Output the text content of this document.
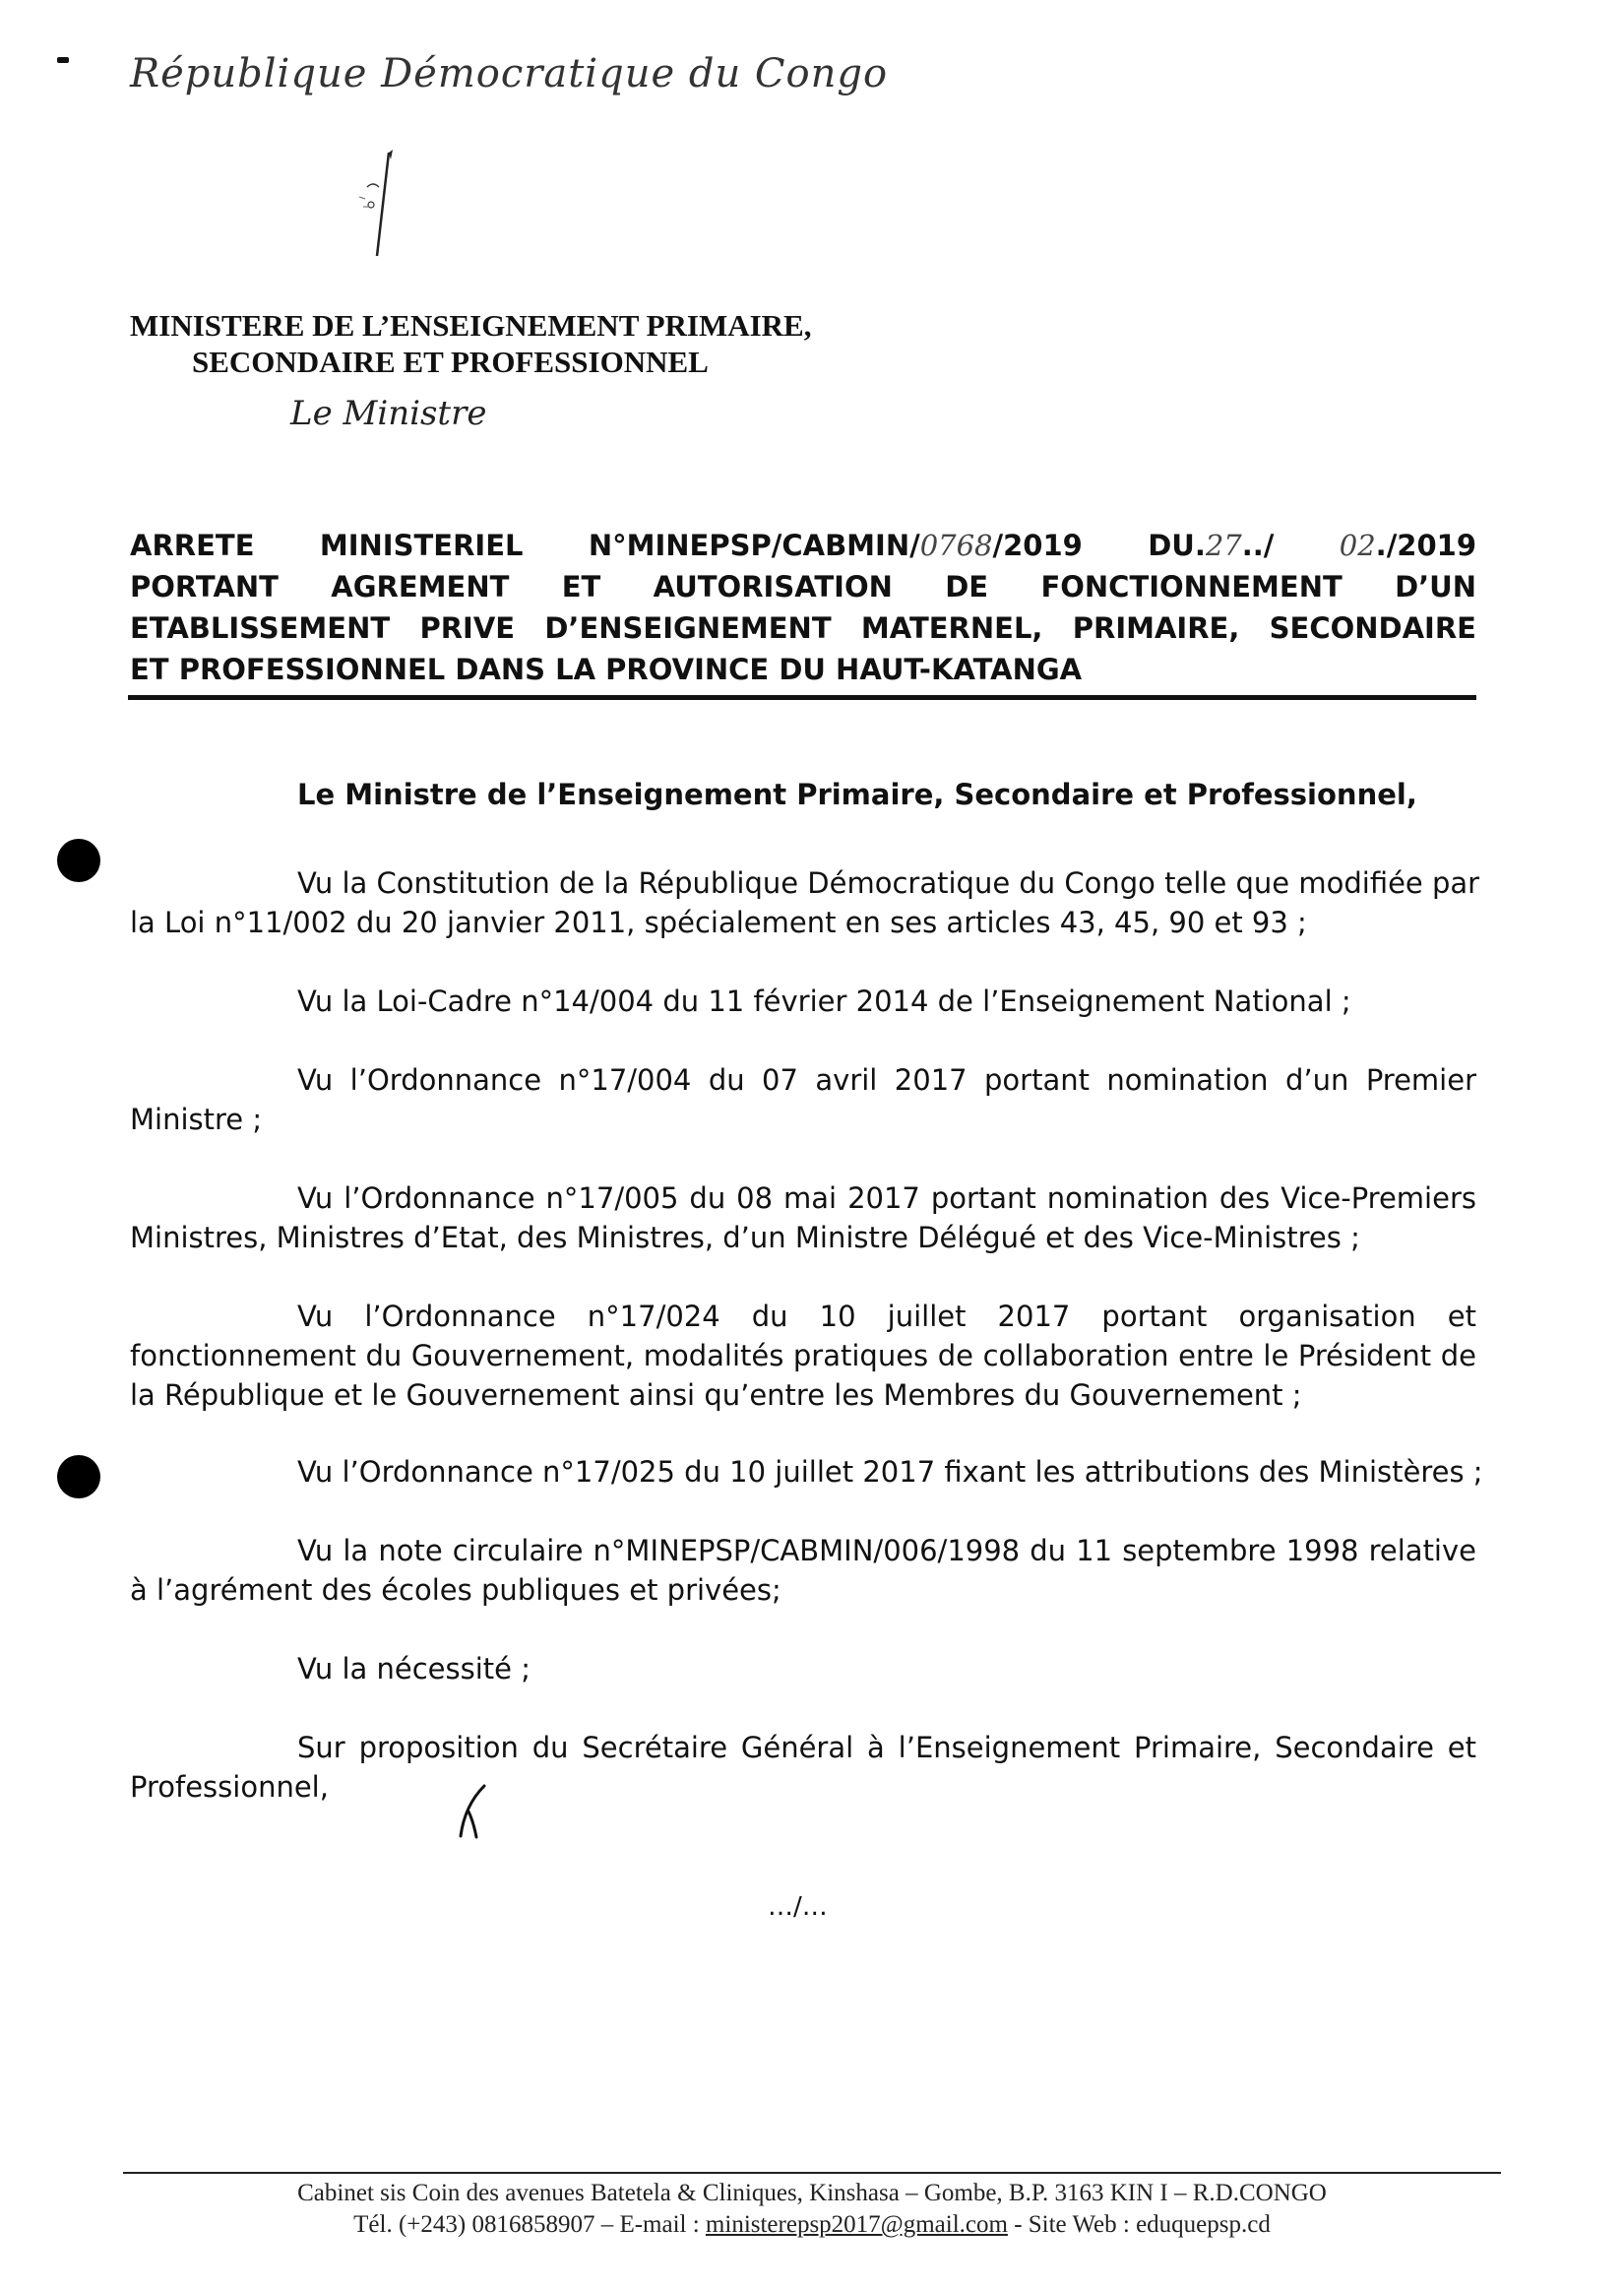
République Démocratique du Congo
MINISTERE DE L’ENSEIGNEMENT PRIMAIRE,
SECONDAIRE ET PROFESSIONNEL
Le Ministre
ARRETE MINISTERIEL N°MINEPSP/CABMIN/0768/2019 DU.27../ 02./2019
PORTANT AGREMENT ET AUTORISATION DE FONCTIONNEMENT D’UN
ETABLISSEMENT PRIVE D’ENSEIGNEMENT MATERNEL, PRIMAIRE, SECONDAIRE
ET PROFESSIONNEL DANS LA PROVINCE DU HAUT-KATANGA
Le Ministre de l’Enseignement Primaire, Secondaire et Professionnel,
Vu la Constitution de la République Démocratique du Congo telle que modifiée par
la Loi n°11/002 du 20 janvier 2011, spécialement en ses articles 43, 45, 90 et 93 ;
Vu la Loi-Cadre n°14/004 du 11 février 2014 de l’Enseignement National ;
Vu l’Ordonnance n°17/004 du 07 avril 2017 portant nomination d’un Premier
Ministre ;
Vu l’Ordonnance n°17/005 du 08 mai 2017 portant nomination des Vice-Premiers
Ministres, Ministres d’Etat, des Ministres, d’un Ministre Délégué et des Vice-Ministres ;
Vu l’Ordonnance n°17/024 du 10 juillet 2017 portant organisation et
fonctionnement du Gouvernement, modalités pratiques de collaboration entre le Président de
la République et le Gouvernement ainsi qu’entre les Membres du Gouvernement ;
Vu l’Ordonnance n°17/025 du 10 juillet 2017 fixant les attributions des Ministères ;
Vu la note circulaire n°MINEPSP/CABMIN/006/1998 du 11 septembre 1998 relative
à l’agrément des écoles publiques et privées;
Vu la nécessité ;
Sur proposition du Secrétaire Général à l’Enseignement Primaire, Secondaire et
Professionnel,
…/…
Cabinet sis Coin des avenues Batetela & Cliniques, Kinshasa – Gombe, B.P. 3163 KIN I – R.D.CONGO
Tél. (+243) 0816858907 – E-mail : ministerepsp2017@gmail.com - Site Web : eduquepsp.cd
